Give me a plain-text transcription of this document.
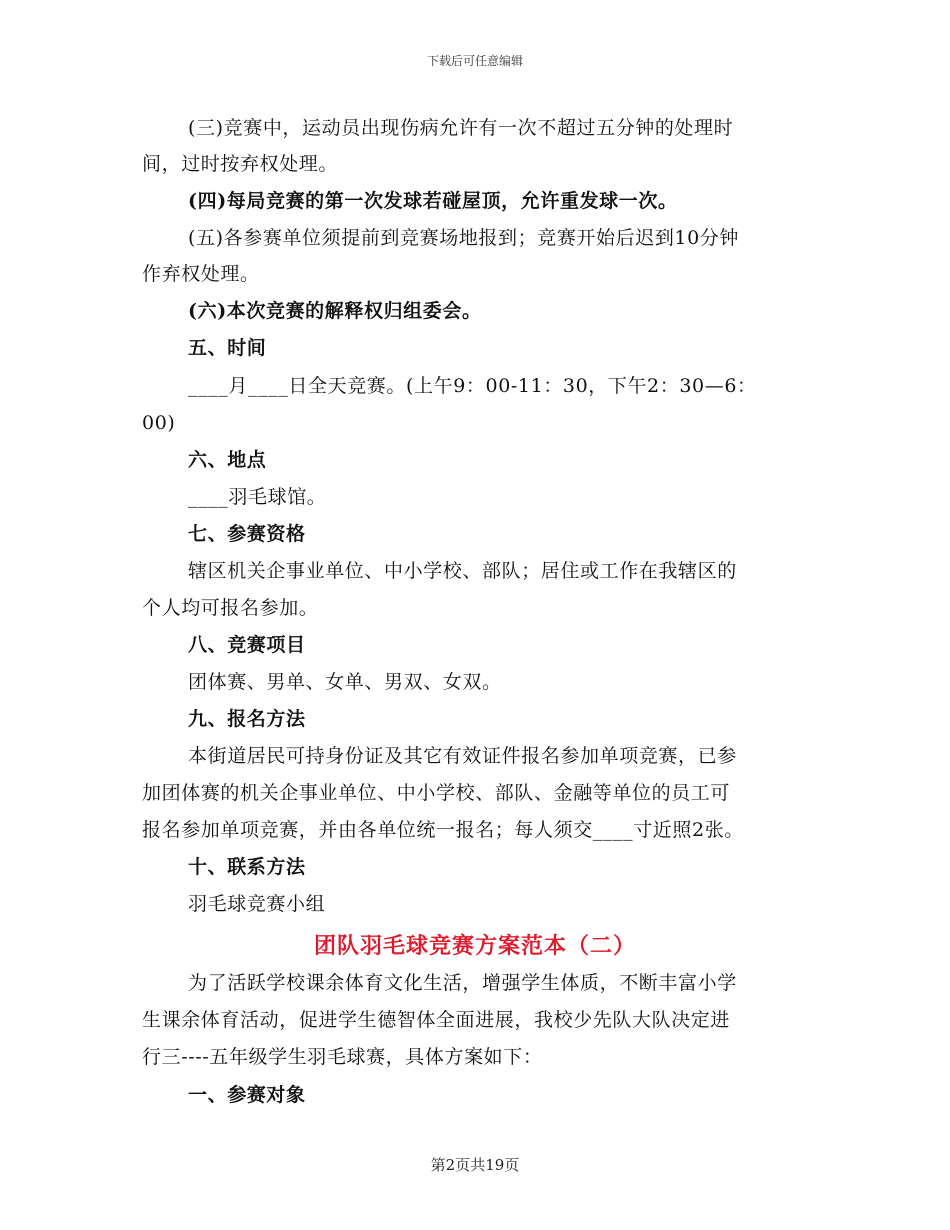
下载后可任意编辑
(三)竞赛中，运动员出现伤病允许有一次不超过五分钟的处理时
间，过时按弃权处理。
(四)每局竞赛的第一次发球若碰屋顶，允许重发球一次。
(五)各参赛单位须提前到竞赛场地报到；竞赛开始后迟到10分钟
作弃权处理。
(六)本次竞赛的解释权归组委会。
五、时间
____月____日全天竞赛。(上午9：00-11：30，下午2：30—6：
00)
六、地点
____羽毛球馆。
七、参赛资格
辖区机关企事业单位、中小学校、部队；居住或工作在我辖区的
个人均可报名参加。
八、竞赛项目
团体赛、男单、女单、男双、女双。
九、报名方法
本街道居民可持身份证及其它有效证件报名参加单项竞赛，已参
加团体赛的机关企事业单位、中小学校、部队、金融等单位的员工可
报名参加单项竞赛，并由各单位统一报名；每人须交____寸近照2张。
十、联系方法
羽毛球竞赛小组
团队羽毛球竞赛方案范本（二）
为了活跃学校课余体育文化生活，增强学生体质，不断丰富小学
生课余体育活动，促进学生德智体全面进展，我校少先队大队决定进
行三----五年级学生羽毛球赛，具体方案如下：
一、参赛对象
第2页共19页
